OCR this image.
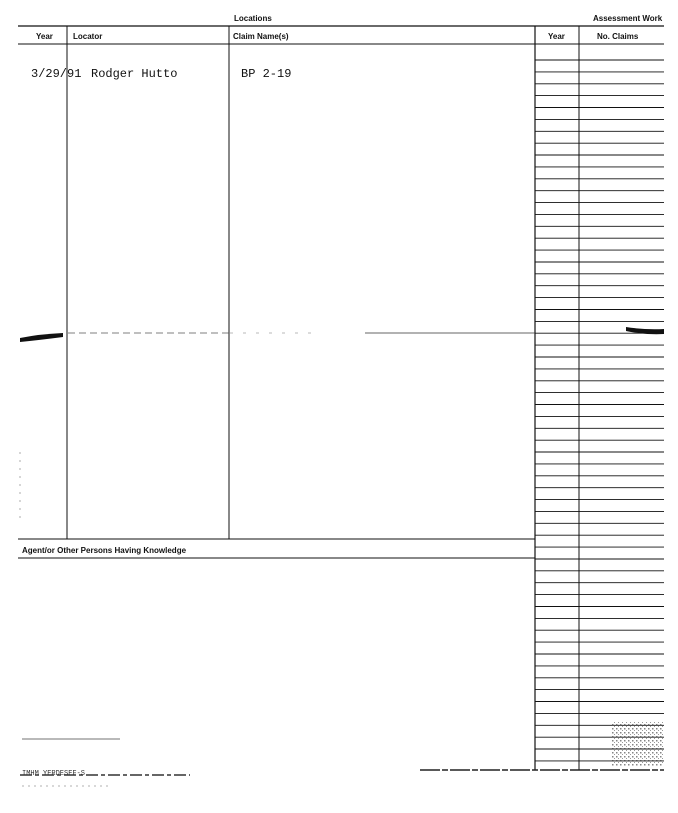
Locations	Assessment Work
Year	Locator	Claim Name(s)	Year	No. Claims
3/29/91 Rodger Hutto	BP 2-19
Agent/or Other Persons Having Knowledge
IMHM YERDESEF-S
